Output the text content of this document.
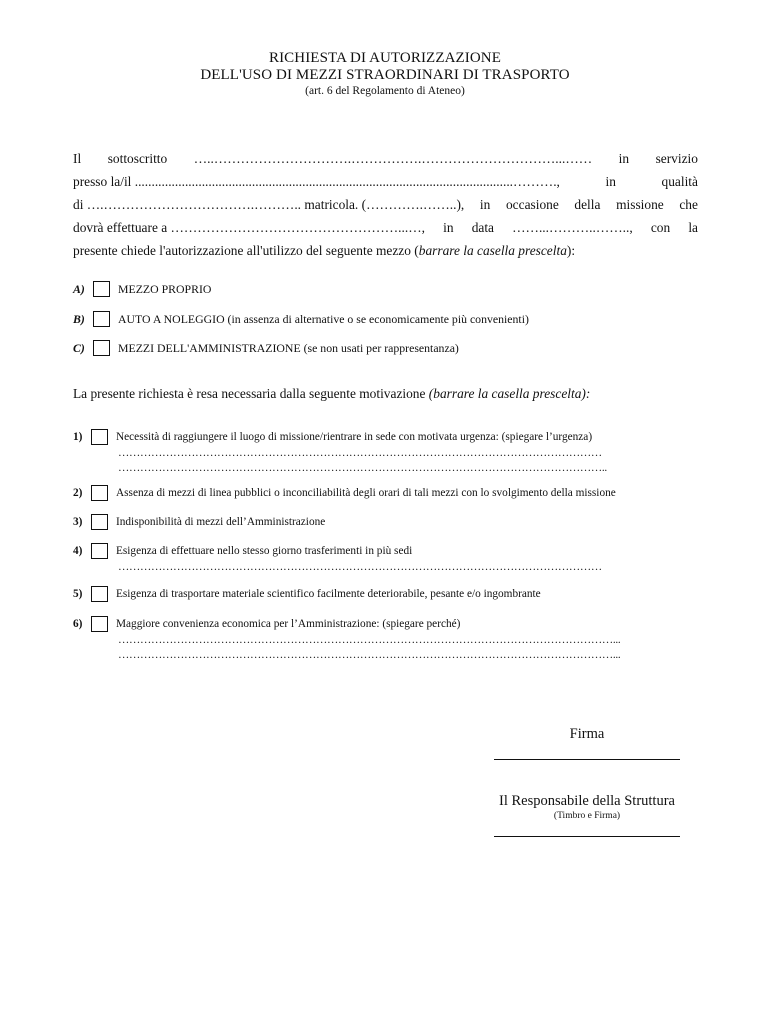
RICHIESTA DI AUTORIZZAZIONE
DELL'USO DI MEZZI STRAORDINARI DI TRASPORTO
(art. 6 del Regolamento di Ateneo)
Il sottoscritto …..………………………….…………….…………………………...…… in servizio
presso la/il .................................................................................................................……….,	in	qualità
di ….…………………………….……….. matricola. (………….……..), in occasione della missione che
dovrà effettuare a ……………………………………………...…, in data ……...………..…….., con la
presente chiede l'autorizzazione all'utilizzo del seguente mezzo (barrare la casella prescelta):
A)	MEZZO PROPRIO
B)	AUTO A NOLEGGIO (in assenza di alternative o se economicamente più convenienti)
C)	MEZZI DELL'AMMINISTRAZIONE (se non usati per rappresentanza)
La presente richiesta è resa necessaria dalla seguente motivazione (barrare la casella prescelta):
1)	Necessità di raggiungere il luogo di missione/rientrare in sede con motivata urgenza: (spiegare l’urgenza)
……………………………………………………………………………………………………………………
……………………………………………………………………………………………………………………..
2)	Assenza di mezzi di linea pubblici o inconciliabilità degli orari di tali mezzi con lo svolgimento della missione
3)	Indisponibilità di mezzi dell’Amministrazione
4)	Esigenza di effettuare nello stesso giorno trasferimenti in più sedi
……………………………………………………………………………………………………………………
5)	Esigenza di trasportare materiale scientifico facilmente deteriorabile, pesante e/o ingombrante
6)	Maggiore convenienza economica per l’Amministrazione: (spiegare perché)
………………………………………………………………………………………………………………………...
………………………………………………………………………………………………………………………...
Firma
Il Responsabile della Struttura
(Timbro e Firma)
